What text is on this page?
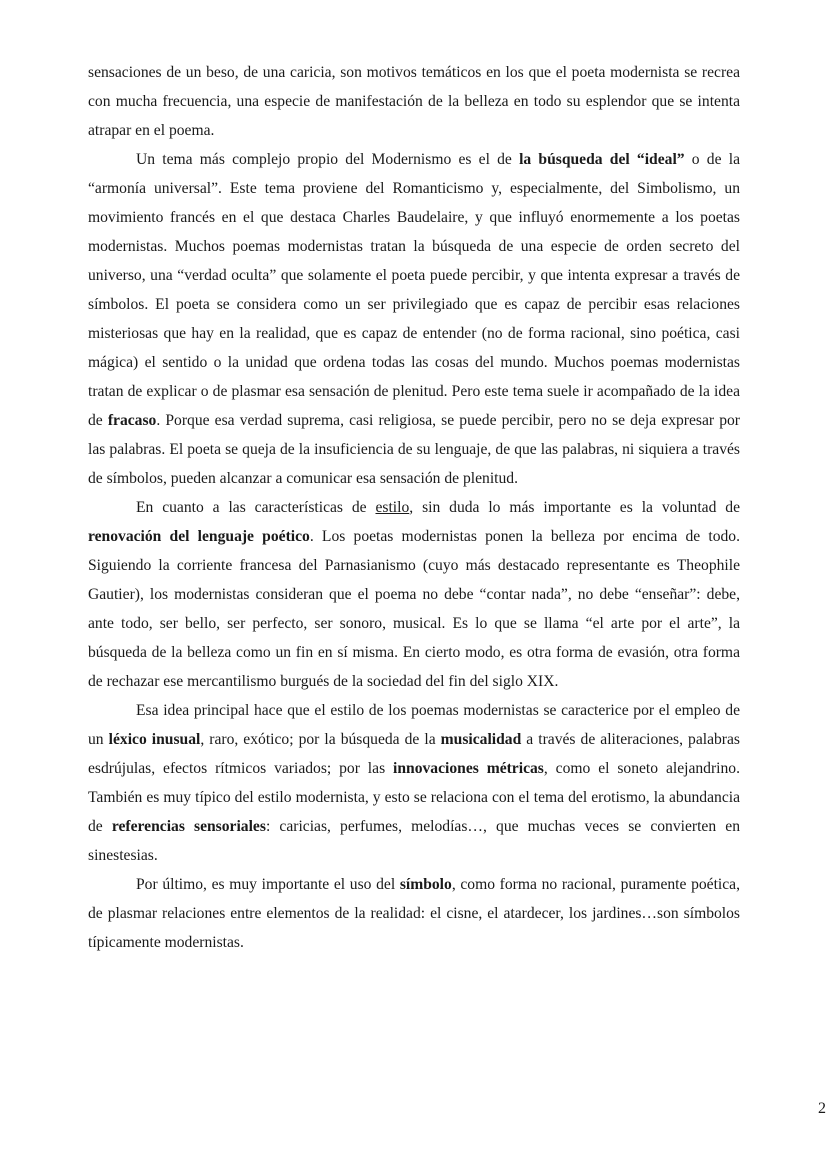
sensaciones de un beso, de una caricia, son motivos temáticos en los que el poeta modernista se recrea con mucha frecuencia, una especie de manifestación de la belleza en todo su esplendor que se intenta atrapar en el poema.

Un tema más complejo propio del Modernismo es el de la búsqueda del “ideal” o de la “armonía universal”. Este tema proviene del Romanticismo y, especialmente, del Simbolismo, un movimiento francés en el que destaca Charles Baudelaire, y que influyó enormemente a los poetas modernistas. Muchos poemas modernistas tratan la búsqueda de una especie de orden secreto del universo, una “verdad oculta” que solamente el poeta puede percibir, y que intenta expresar a través de símbolos. El poeta se considera como un ser privilegiado que es capaz de percibir esas relaciones misteriosas que hay en la realidad, que es capaz de entender (no de forma racional, sino poética, casi mágica) el sentido o la unidad que ordena todas las cosas del mundo. Muchos poemas modernistas tratan de explicar o de plasmar esa sensación de plenitud. Pero este tema suele ir acompañado de la idea de fracaso. Porque esa verdad suprema, casi religiosa, se puede percibir, pero no se deja expresar por las palabras. El poeta se queja de la insuficiencia de su lenguaje, de que las palabras, ni siquiera a través de símbolos, pueden alcanzar a comunicar esa sensación de plenitud.

En cuanto a las características de estilo, sin duda lo más importante es la voluntad de renovación del lenguaje poético. Los poetas modernistas ponen la belleza por encima de todo. Siguiendo la corriente francesa del Parnasianismo (cuyo más destacado representante es Theophile Gautier), los modernistas consideran que el poema no debe “contar nada”, no debe “enseñar”: debe, ante todo, ser bello, ser perfecto, ser sonoro, musical. Es lo que se llama “el arte por el arte”, la búsqueda de la belleza como un fin en sí misma. En cierto modo, es otra forma de evasión, otra forma de rechazar ese mercantilismo burgués de la sociedad del fin del siglo XIX.

Esa idea principal hace que el estilo de los poemas modernistas se caracterice por el empleo de un léxico inusual, raro, exótico; por la búsqueda de la musicalidad a través de aliteraciones, palabras esdrújulas, efectos rítmicos variados; por las innovaciones métricas, como el soneto alejandrino. También es muy típico del estilo modernista, y esto se relaciona con el tema del erotismo, la abundancia de referencias sensoriales: caricias, perfumes, melodías…, que muchas veces se convierten en sinestesias.

Por último, es muy importante el uso del símbolo, como forma no racional, puramente poética, de plasmar relaciones entre elementos de la realidad: el cisne, el atardecer, los jardines…son símbolos típicamente modernistas.

2
